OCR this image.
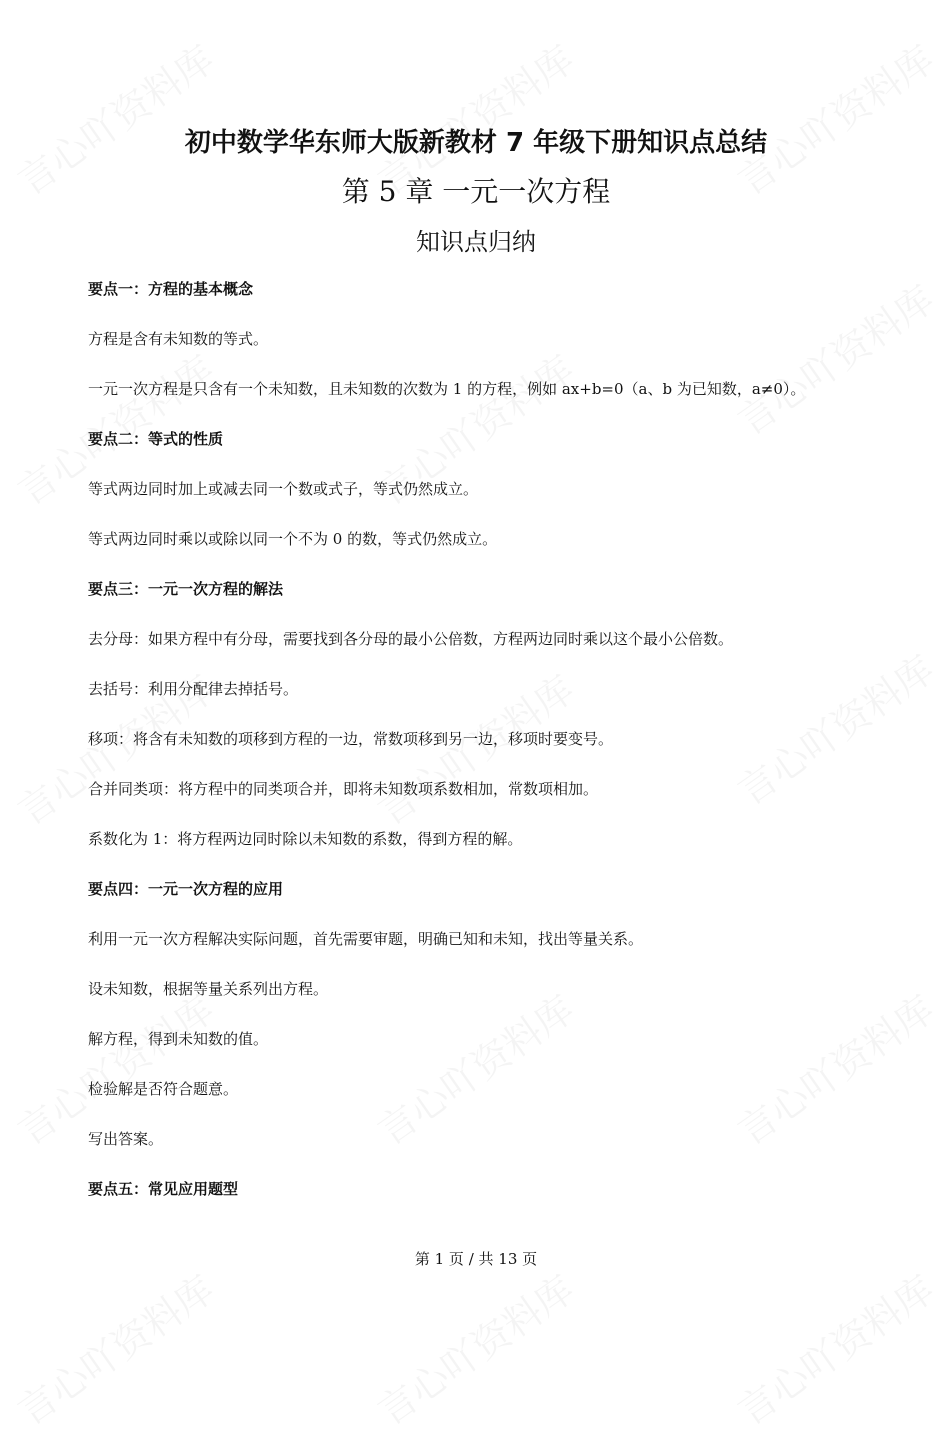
初中数学华东师大版新教材 7 年级下册知识点总结
第 5 章 一元一次方程
知识点归纳
要点一：方程的基本概念
方程是含有未知数的等式。
一元一次方程是只含有一个未知数，且未知数的次数为 1 的方程，例如 ax+b=0（a、b 为已知数，a≠0）。
要点二：等式的性质
等式两边同时加上或减去同一个数或式子，等式仍然成立。
等式两边同时乘以或除以同一个不为 0 的数，等式仍然成立。
要点三：一元一次方程的解法
去分母：如果方程中有分母，需要找到各分母的最小公倍数，方程两边同时乘以这个最小公倍数。
去括号：利用分配律去掉括号。
移项：将含有未知数的项移到方程的一边，常数项移到另一边，移项时要变号。
合并同类项：将方程中的同类项合并，即将未知数项系数相加，常数项相加。
系数化为 1：将方程两边同时除以未知数的系数，得到方程的解。
要点四：一元一次方程的应用
利用一元一次方程解决实际问题，首先需要审题，明确已知和未知，找出等量关系。
设未知数，根据等量关系列出方程。
解方程，得到未知数的值。
检验解是否符合题意。
写出答案。
要点五：常见应用题型
第 1 页 / 共 13 页
